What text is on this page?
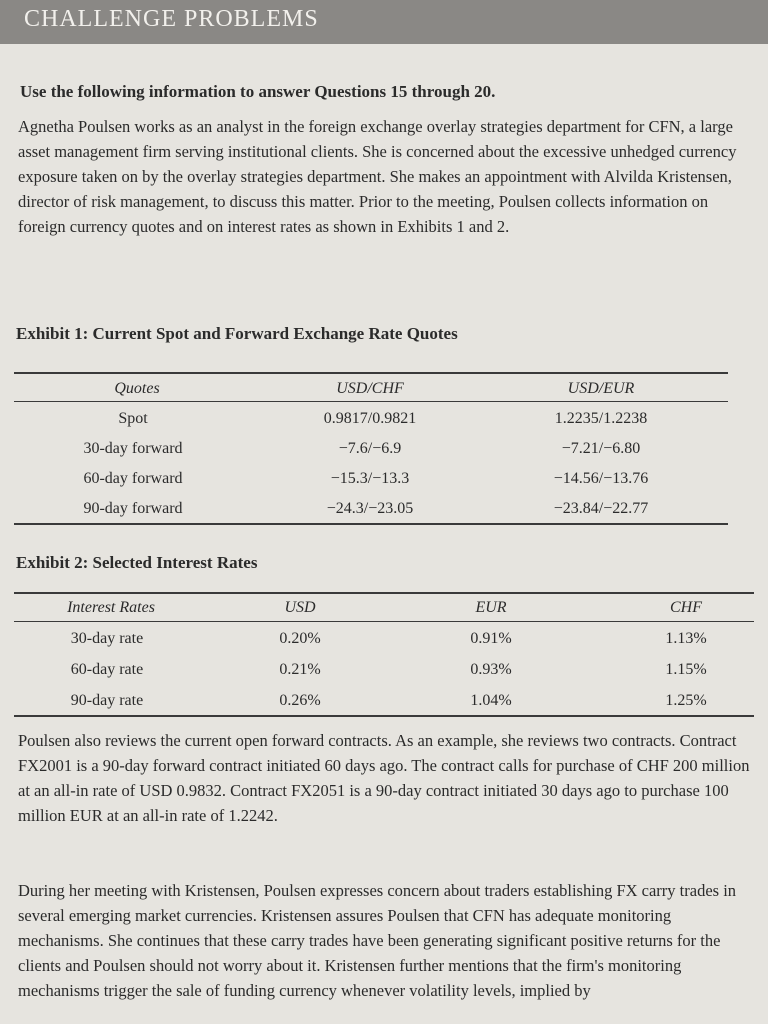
CHALLENGE PROBLEMS
Use the following information to answer Questions 15 through 20.

Agnetha Poulsen works as an analyst in the foreign exchange overlay strategies department for CFN, a large asset management firm serving institutional clients. She is concerned about the excessive unhedged currency exposure taken on by the overlay strategies department. She makes an appointment with Alvilda Kristensen, director of risk management, to discuss this matter. Prior to the meeting, Poulsen collects information on foreign currency quotes and on interest rates as shown in Exhibits 1 and 2.

Exhibit 1: Current Spot and Forward Exchange Rate Quotes
Quotes	USD/CHF	USD/EUR
Spot	0.9817/0.9821	1.2235/1.2238
30-day forward	−7.6/−6.9	−7.21/−6.80
60-day forward	−15.3/−13.3	−14.56/−13.76
90-day forward	−24.3/−23.05	−23.84/−22.77
Exhibit 2: Selected Interest Rates
Interest Rates	USD	EUR	CHF
30-day rate	0.20%	0.91%	1.13%
60-day rate	0.21%	0.93%	1.15%
90-day rate	0.26%	1.04%	1.25%

Poulsen also reviews the current open forward contracts. As an example, she reviews two contracts. Contract FX2001 is a 90-day forward contract initiated 60 days ago. The contract calls for purchase of CHF 200 million at an all-in rate of USD 0.9832. Contract FX2051 is a 90-day contract initiated 30 days ago to purchase 100 million EUR at an all-in rate of 1.2242.

During her meeting with Kristensen, Poulsen expresses concern about traders establishing FX carry trades in several emerging market currencies. Kristensen assures Poulsen that CFN has adequate monitoring mechanisms. She continues that these carry trades have been generating significant positive returns for the clients and Poulsen should not worry about it. Kristensen further mentions that the firm's monitoring mechanisms trigger the sale of funding currency whenever volatility levels, implied by
